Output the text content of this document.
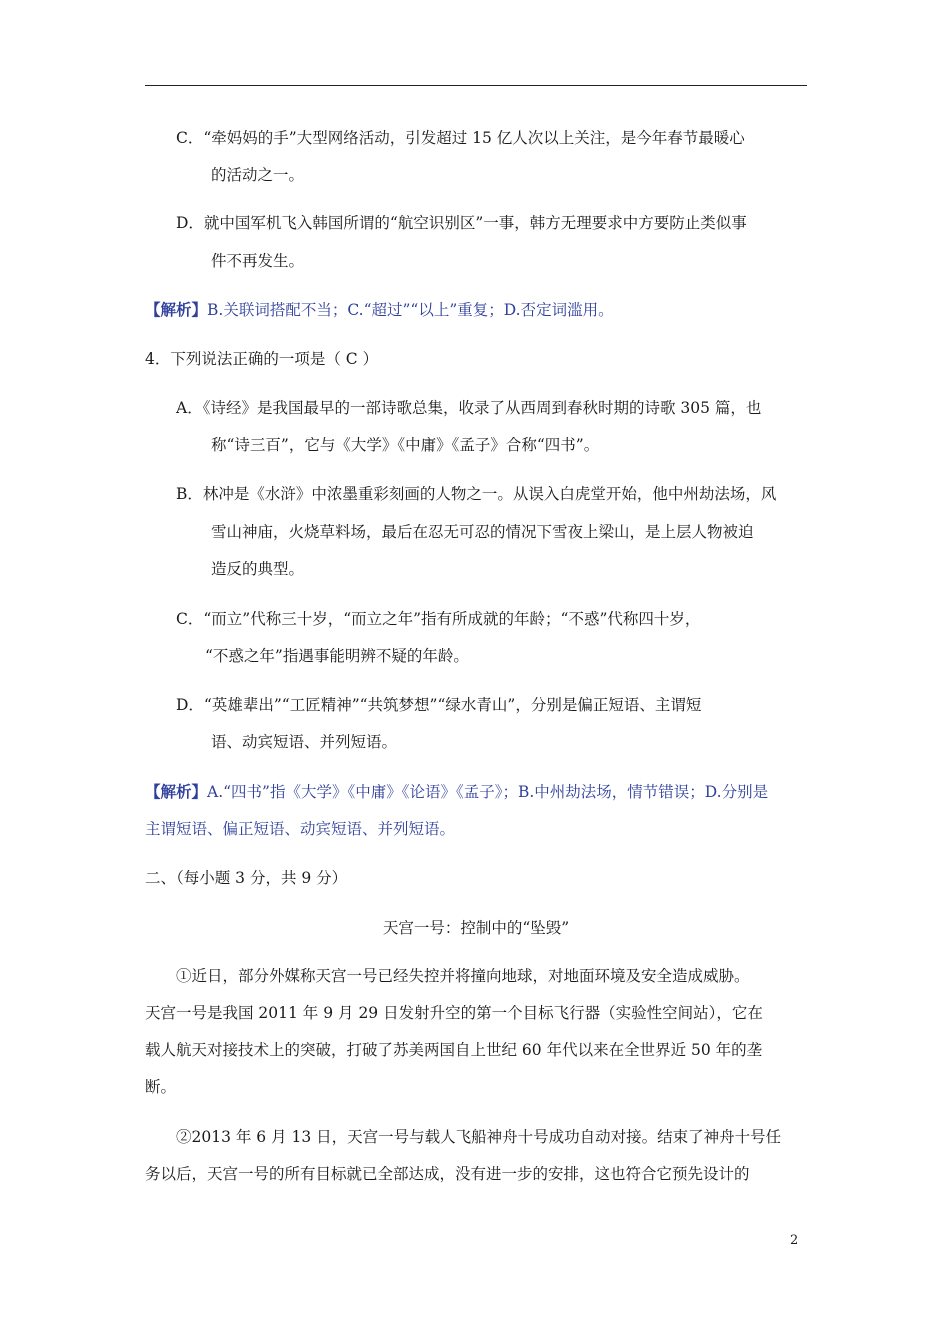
C．“牵妈妈的手”大型网络活动，引发超过 15 亿人次以上关注，是今年春节最暖心
的活动之一。
D．就中国军机飞入韩国所谓的“航空识别区”一事，韩方无理要求中方要防止类似事
件不再发生。
【解析】B.关联词搭配不当；C.“超过”“以上”重复；D.否定词滥用。
4．下列说法正确的一项是（ C ）
A．《诗经》是我国最早的一部诗歌总集，收录了从西周到春秋时期的诗歌 305 篇，也
称“诗三百”，它与《大学》《中庸》《孟子》合称“四书”。
B．林冲是《水浒》中浓墨重彩刻画的人物之一。从误入白虎堂开始，他中州劫法场，风
雪山神庙，火烧草料场，最后在忍无可忍的情况下雪夜上梁山，是上层人物被迫
造反的典型。
C．“而立”代称三十岁，“而立之年”指有所成就的年龄；“不惑”代称四十岁，
“不惑之年”指遇事能明辨不疑的年龄。
D．“英雄辈出”“工匠精神”“共筑梦想”“绿水青山”，分别是偏正短语、主谓短
语、动宾短语、并列短语。
【解析】A.“四书”指《大学》《中庸》《论语》《孟子》；B.中州劫法场，情节错误；D.分别是
主谓短语、偏正短语、动宾短语、并列短语。
二、（每小题 3 分，共 9 分）
天宫一号：控制中的“坠毁”
①近日，部分外媒称天宫一号已经失控并将撞向地球，对地面环境及安全造成威胁。
天宫一号是我国 2011 年 9 月 29 日发射升空的第一个目标飞行器（实验性空间站），它在
载人航天对接技术上的突破，打破了苏美两国自上世纪 60 年代以来在全世界近 50 年的垄
断。
②2013 年 6 月 13 日，天宫一号与载人飞船神舟十号成功自动对接。结束了神舟十号任
务以后，天宫一号的所有目标就已全部达成，没有进一步的安排，这也符合它预先设计的
2
